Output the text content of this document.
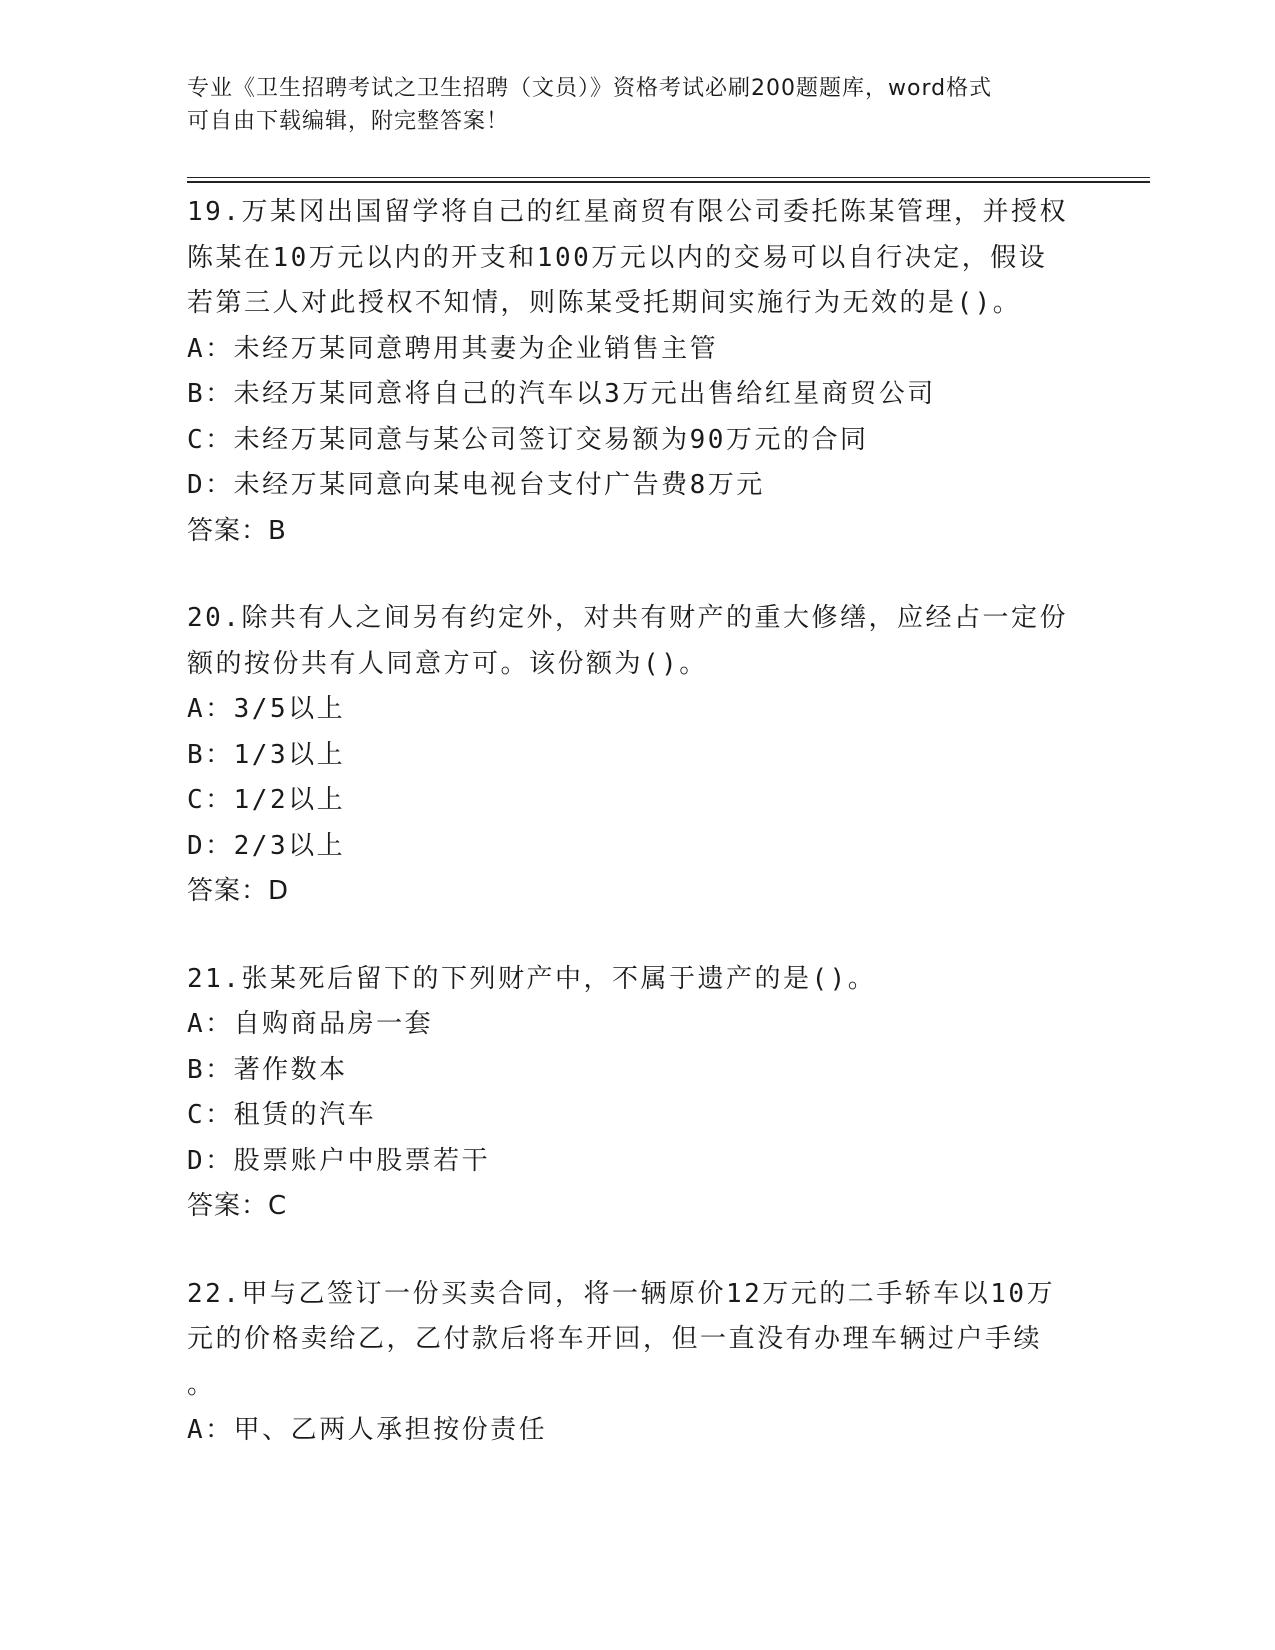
专业《卫生招聘考试之卫生招聘（文员）》资格考试必刷200题题库，word格式
可自由下载编辑，附完整答案！
19.万某冈出国留学将自己的红星商贸有限公司委托陈某管理，并授权
陈某在10万元以内的开支和100万元以内的交易可以自行决定，假设
若第三人对此授权不知情，则陈某受托期间实施行为无效的是()。
A：未经万某同意聘用其妻为企业销售主管
B：未经万某同意将自己的汽车以3万元出售给红星商贸公司
C：未经万某同意与某公司签订交易额为90万元的合同
D：未经万某同意向某电视台支付广告费8万元
答案：B
20.除共有人之间另有约定外，对共有财产的重大修缮，应经占一定份
额的按份共有人同意方可。该份额为()。
A：3/5以上
B：1/3以上
C：1/2以上
D：2/3以上
答案：D
21.张某死后留下的下列财产中，不属于遗产的是()。
A：自购商品房一套
B：著作数本
C：租赁的汽车
D：股票账户中股票若干
答案：C
22.甲与乙签订一份买卖合同，将一辆原价12万元的二手轿车以10万
元的价格卖给乙，乙付款后将车开回，但一直没有办理车辆过户手续
。
A：甲、乙两人承担按份责任
